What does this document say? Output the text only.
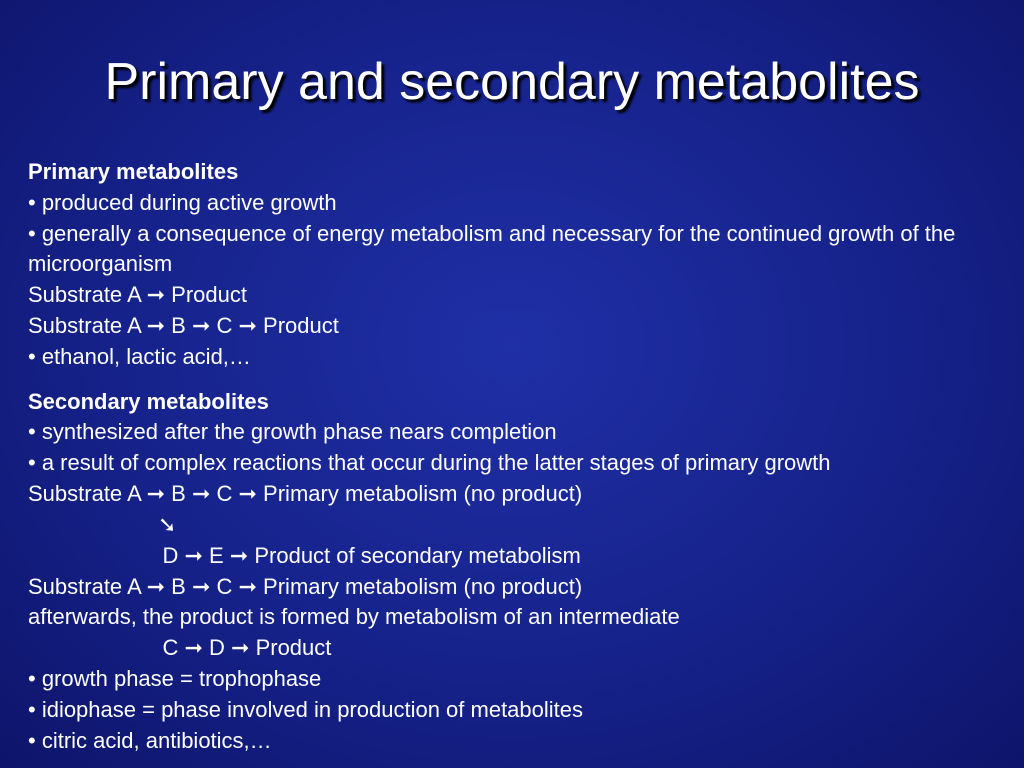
Primary and secondary metabolites
Primary metabolites
• produced during active growth
• generally a consequence of energy metabolism and necessary for the continued growth of the microorganism
Substrate A ➞ Product
Substrate A ➞ B ➞ C ➞ Product
• ethanol, lactic acid,…
Secondary metabolites
• synthesized after the growth phase nears completion
• a result of complex reactions that occur during the latter stages of primary growth
Substrate A ➞ B ➞ C ➞ Primary metabolism (no product)
➘
D ➞ E ➞ Product of secondary metabolism
Substrate A ➞ B ➞ C ➞ Primary metabolism (no product)
afterwards, the product is formed by metabolism of an intermediate
C ➞ D ➞ Product
• growth phase = trophophase
• idiophase = phase involved in production of metabolites
• citric acid, antibiotics,…
